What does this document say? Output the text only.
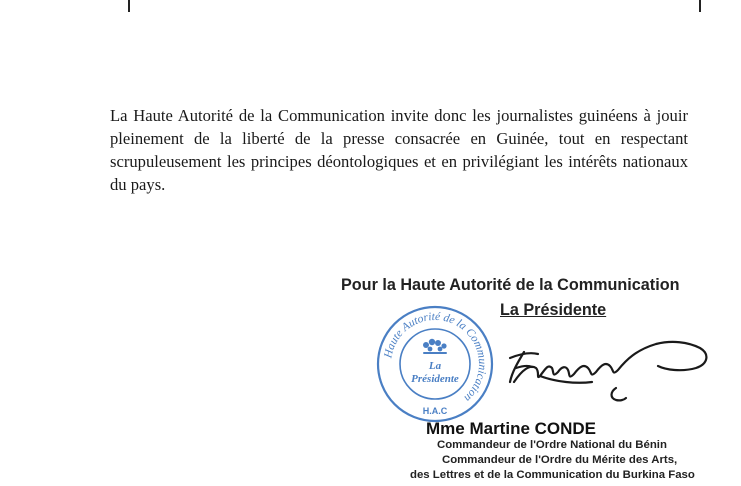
La Haute Autorité de la Communication invite donc les journalistes guinéens à jouir pleinement de la liberté de la presse consacrée en Guinée, tout en respectant scrupuleusement les principes déontologiques et en privilégiant les intérêts nationaux du pays.
Pour la Haute Autorité de la Communication
La Présidente
Haute Autorité de la Communication
La
Présidente
H.A.C
Mme Martine CONDE
Commandeur de l'Ordre National du Bénin
Commandeur de l'Ordre du Mérite des Arts,
des Lettres et de la Communication du Burkina Faso
